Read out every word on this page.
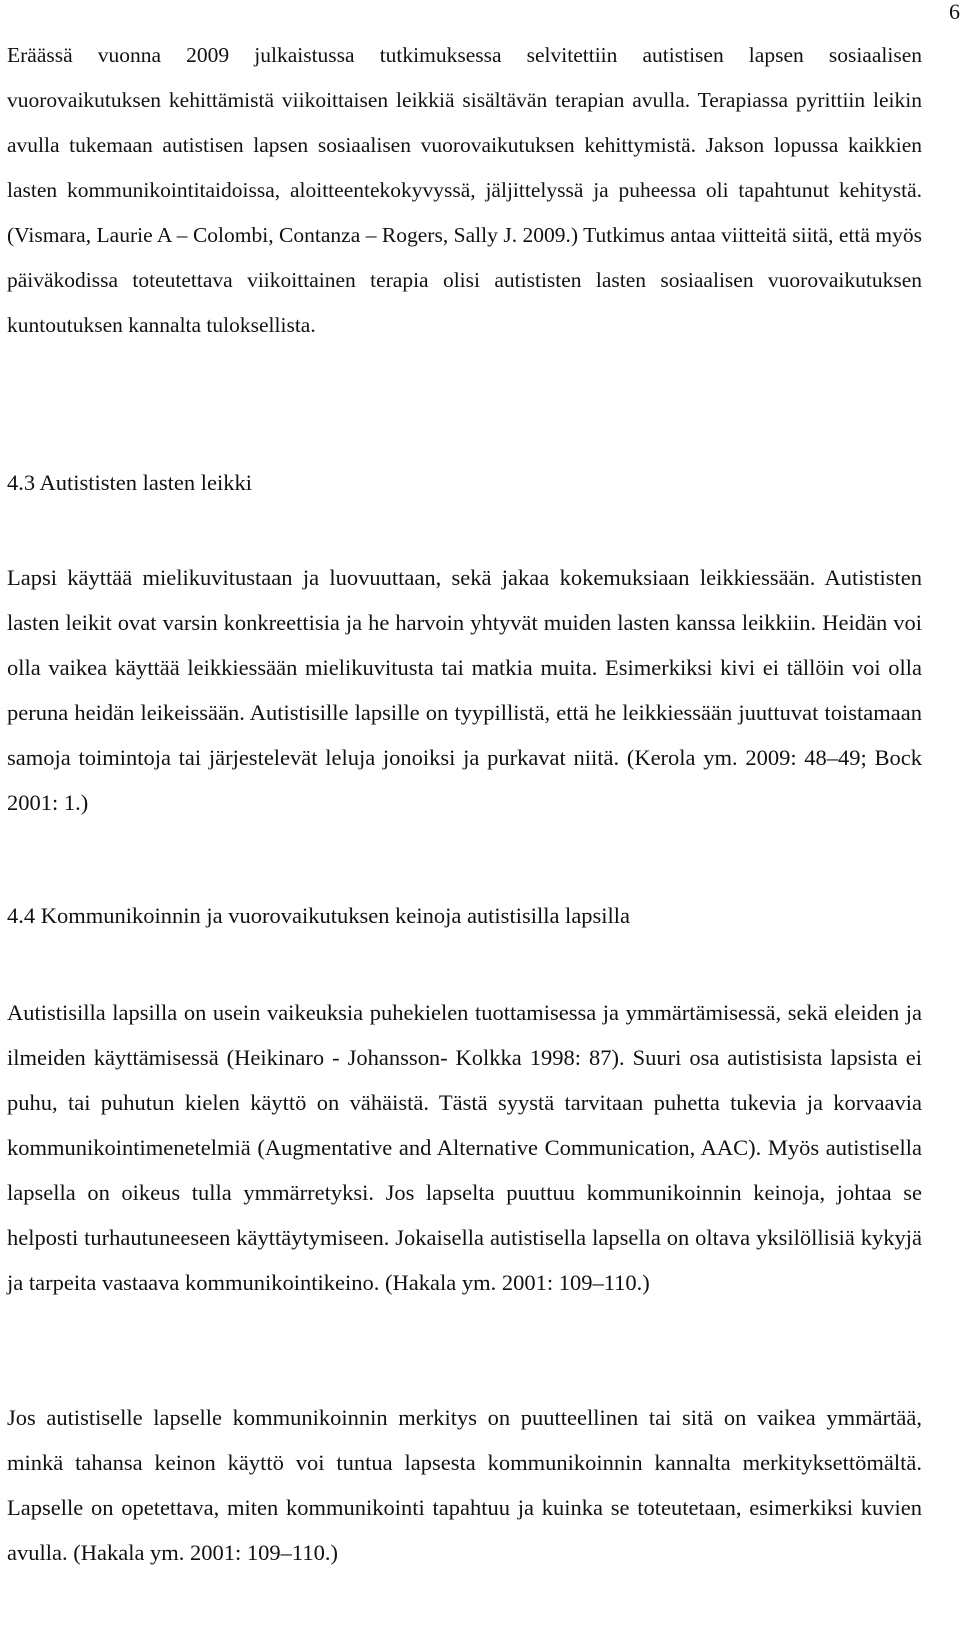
6

Eräässä vuonna 2009 julkaistussa tutkimuksessa selvitettiin autistisen lapsen sosiaalisen vuorovaikutuksen kehittämistä viikoittaisen leikkiä sisältävän terapian avulla. Terapiassa pyrittiin leikin avulla tukemaan autistisen lapsen sosiaalisen vuorovaikutuksen kehittymistä. Jakson lopussa kaikkien lasten kommunikointitaidoissa, aloitteentekokyvyssä, jäljittelyssä ja puheessa oli tapahtunut kehitystä. (Vismara, Laurie A – Colombi, Contanza – Rogers, Sally J. 2009.) Tutkimus antaa viitteitä siitä, että myös päiväkodissa toteutettava viikoittainen terapia olisi autististen lasten sosiaalisen vuorovaikutuksen kuntoutuksen kannalta tuloksellista.

4.3 Autististen lasten leikki

Lapsi käyttää mielikuvitustaan ja luovuuttaan, sekä jakaa kokemuksiaan leikkiessään. Autististen lasten leikit ovat varsin konkreettisia ja he harvoin yhtyvät muiden lasten kanssa leikkiin. Heidän voi olla vaikea käyttää leikkiessään mielikuvitusta tai matkia muita. Esimerkiksi kivi ei tällöin voi olla peruna heidän leikeissään. Autistisille lapsille on tyypillistä, että he leikkiessään juuttuvat toistamaan samoja toimintoja tai järjestelevät leluja jonoiksi ja purkavat niitä. (Kerola ym. 2009: 48–49; Bock 2001: 1.)

4.4 Kommunikoinnin ja vuorovaikutuksen keinoja autistisilla lapsilla

Autistisilla lapsilla on usein vaikeuksia puhekielen tuottamisessa ja ymmärtämisessä, sekä eleiden ja ilmeiden käyttämisessä (Heikinaro - Johansson- Kolkka 1998: 87). Suuri osa autistisista lapsista ei puhu, tai puhutun kielen käyttö on vähäistä. Tästä syystä tarvitaan puhetta tukevia ja korvaavia kommunikointimenetelmiä (Augmentative and Alternative Communication, AAC). Myös autistisella lapsella on oikeus tulla ymmärretyksi. Jos lapselta puuttuu kommunikoinnin keinoja, johtaa se helposti turhautuneeseen käyttäytymiseen. Jokaisella autistisella lapsella on oltava yksilöllisiä kykyjä ja tarpeita vastaava kommunikointikeino. (Hakala ym. 2001: 109–110.)

Jos autistiselle lapselle kommunikoinnin merkitys on puutteellinen tai sitä on vaikea ymmärtää, minkä tahansa keinon käyttö voi tuntua lapsesta kommunikoinnin kannalta merkityksettömältä. Lapselle on opetettava, miten kommunikointi tapahtuu ja kuinka se toteutetaan, esimerkiksi kuvien avulla. (Hakala ym. 2001: 109–110.)
